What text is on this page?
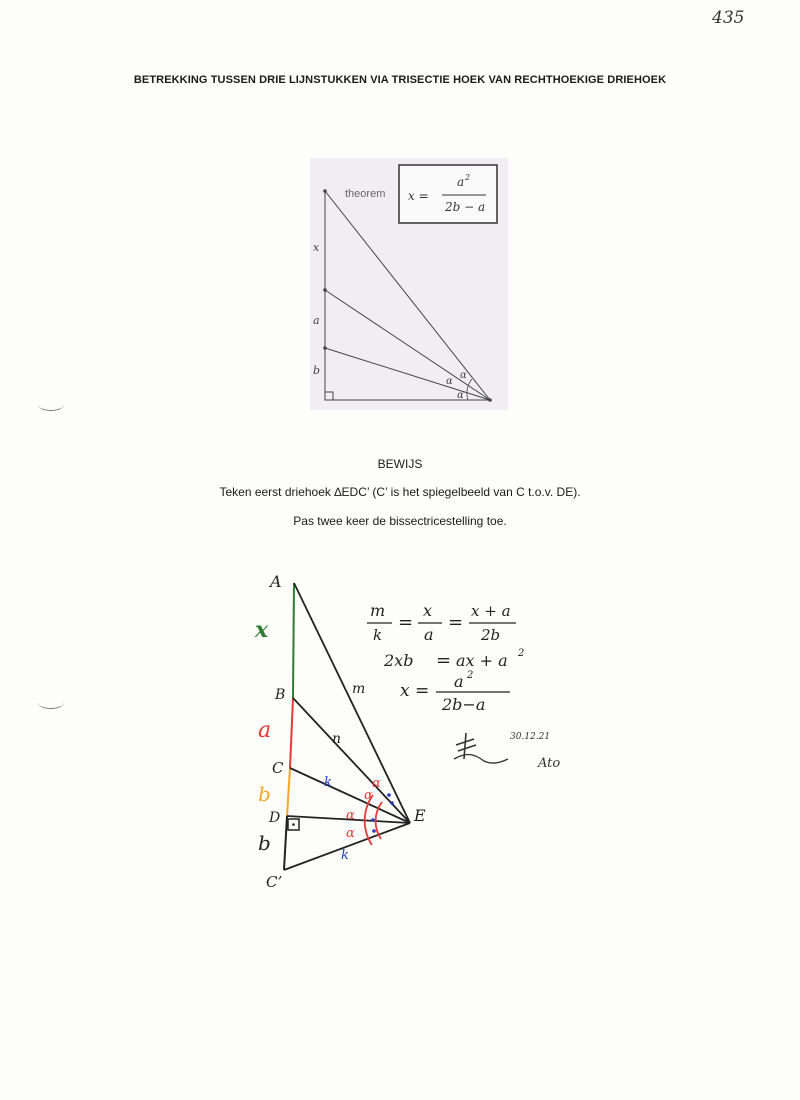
435
BETREKKING TUSSEN DRIE LIJNSTUKKEN VIA TRISECTIE HOEK VAN RECHTHOEKIGE DRIEHOEK
x
a
b
α
α
α
theorem x =
a 2
2b − a
BEWIJS
Teken eerst driehoek ∆EDC’ (C’ is het spiegelbeeld van C t.o.v. DE).
Pas twee keer de bissectricestelling toe.
A
B
C
D	E
C’
x
a
b
b
m
n
k
k
α
α
α
α
m
k
=
x
a
=
x + a
2b
2xb = ax + a 2
x = a 2
2b−a
30.12.21
Ato
